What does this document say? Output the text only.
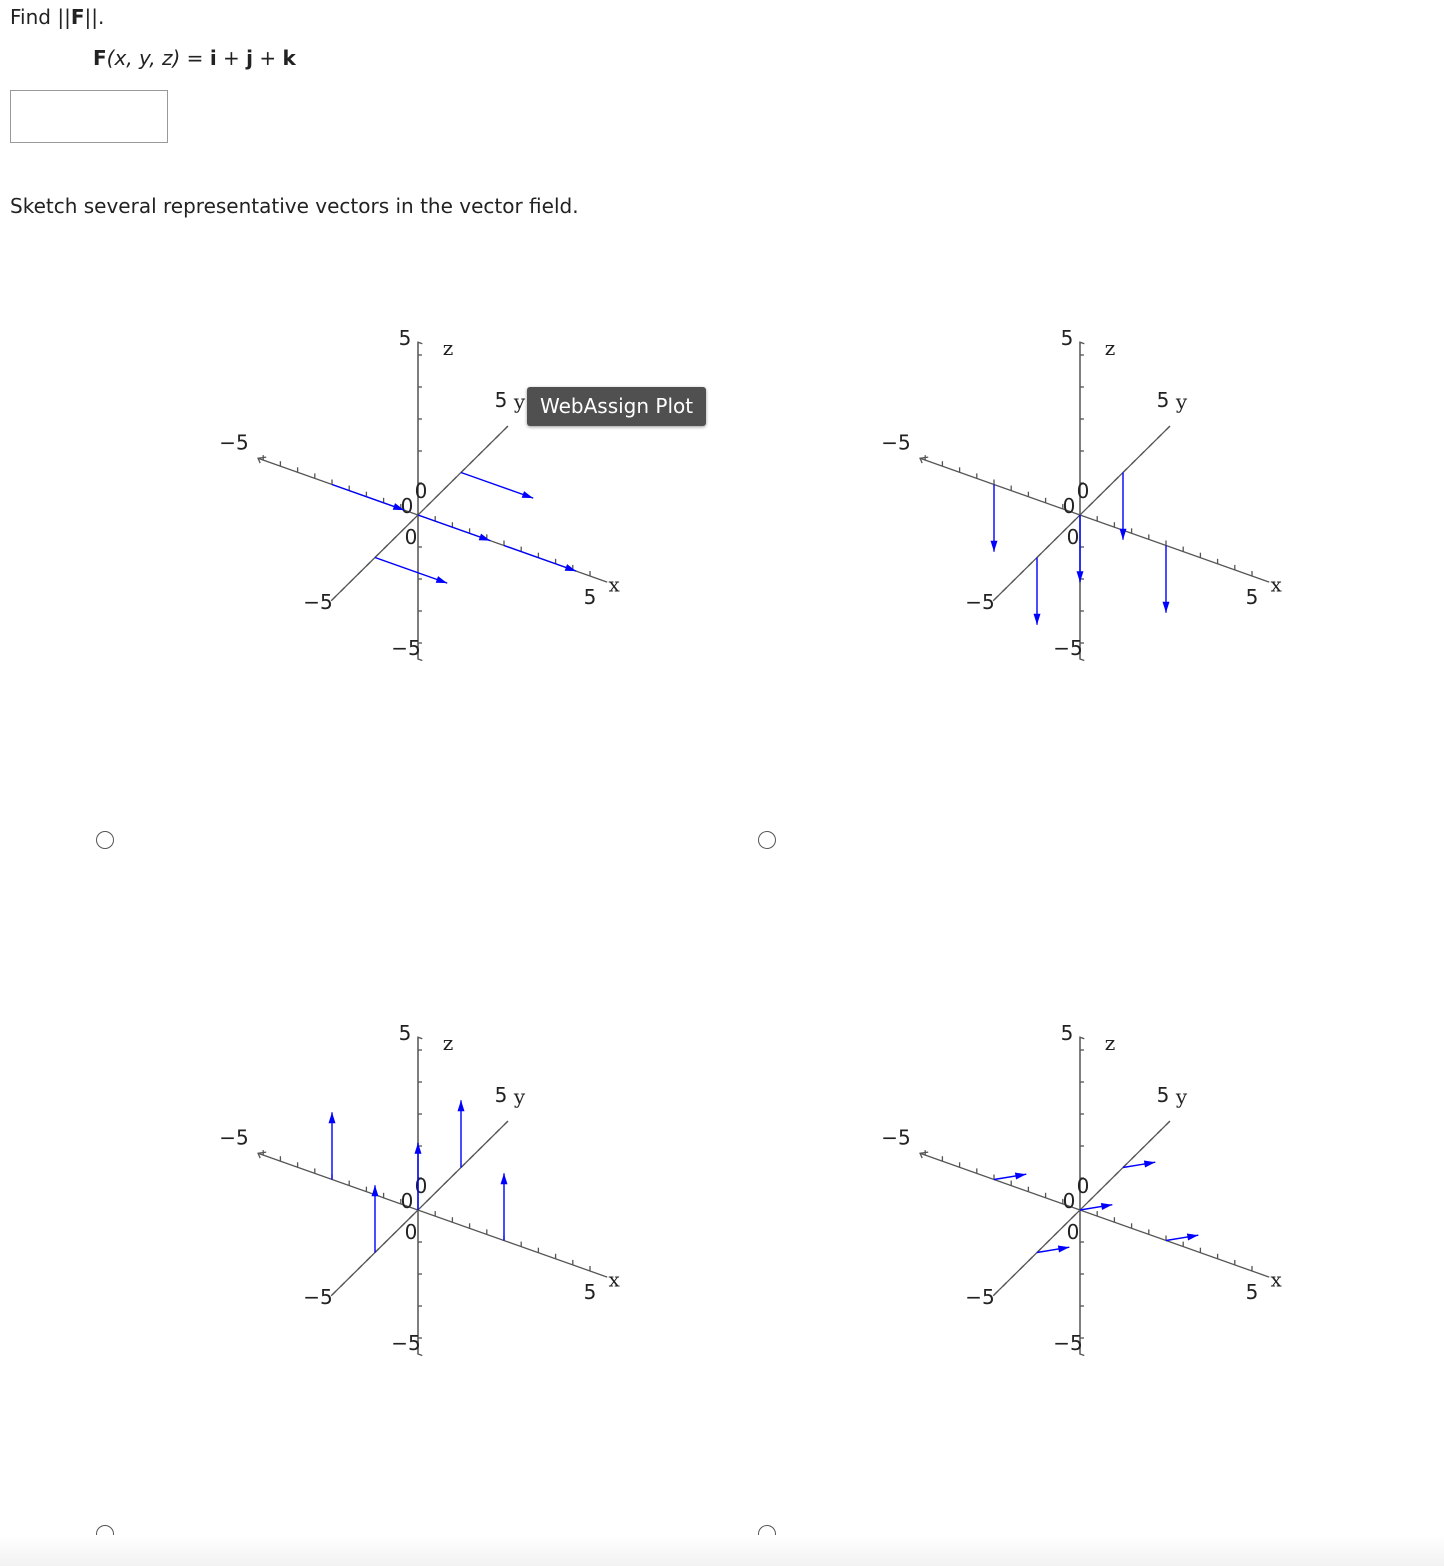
Find ||F||.
F(x, y, z) = i + j + k
Sketch several representative vectors in the vector field.
x
y
z
−5
5
−5
5
−5
5
0
0
0
x
y
z
−5
5
−5
5
−5
5
0
0
0
x
y
z
−5
5
−5
5
−5
5
0
0
0
x
y
z
−5
5
−5
5
−5
5
0
0
0
WebAssign Plot
